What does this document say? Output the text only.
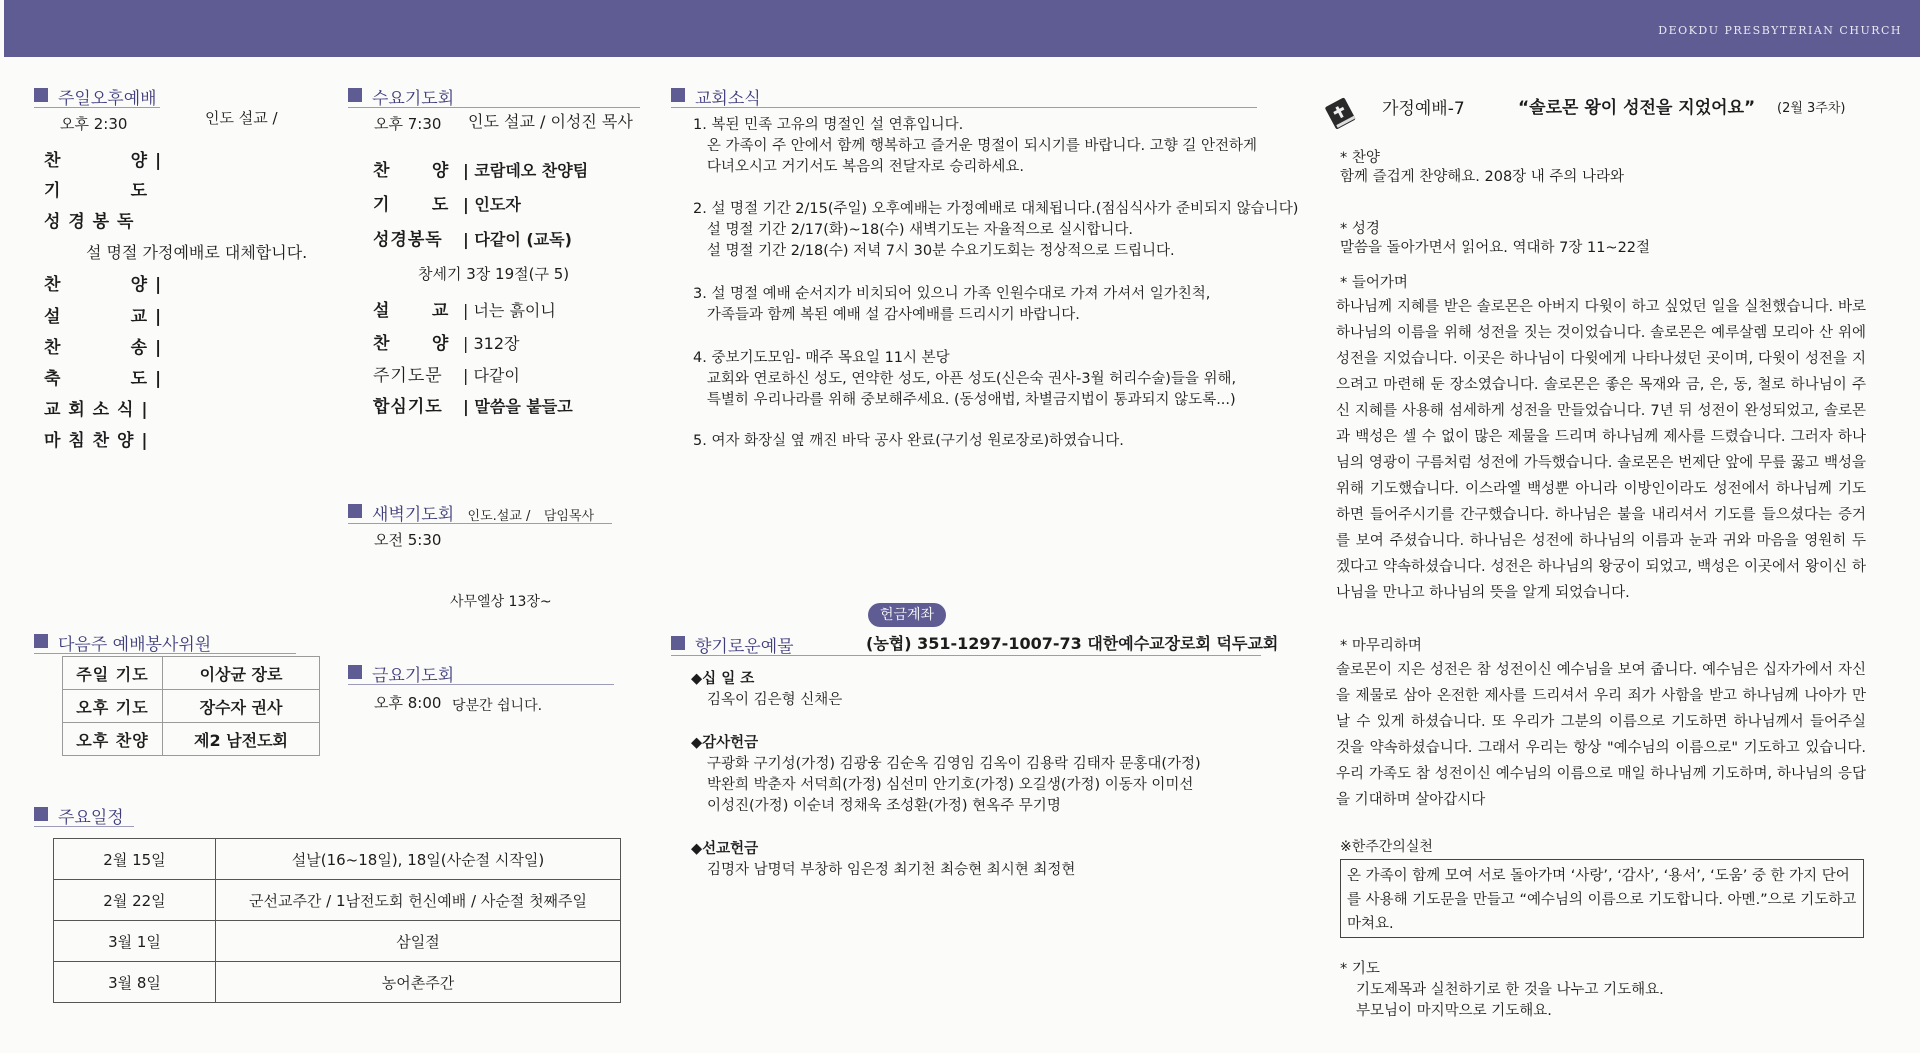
DEOKDU PRESBYTERIAN CHURCH
주일오후예배
오후 2:30	인도 설교 /
찬          양 |
기          도
성 경 봉 독
찬          양 |
설          교 |
찬          송 |
축          도 |
교 회 소 식 |
마 침 찬 양 |
설 명절 가정예배로 대체합니다.
수요기도회
오후 7:30 인도 설교 / 이성진 목사
찬      양 | 코람데오 찬양팀
기      도 | 인도자
성경봉독 | 다같이 (교독)
설      교 | 너는 흙이니
찬      양 | 312장
주기도문 | 다같이
합심기도 | 말씀을 붙들고
창세기 3장 19절(구 5)
새벽기도회 인도.설교 / 담임목사
오전 5:30
사무엘상 13장~
다음주 예배봉사위원
주일 기도	이상균 장로
오후 기도	장수자 권사
오후 찬양	제2 남전도회
금요기도회
오후 8:00 당분간 쉽니다.
주요일정
2월 15일	설날(16~18일), 18일(사순절 시작일)
2월 22일	군선교주간 / 1남전도회 헌신예배 / 사순절 첫째주일
3월 1일	삼일절
3월 8일	농어촌주간
교회소식
1. 복된 민족 고유의 명절인 설 연휴입니다.
온 가족이 주 안에서 함께 행복하고 즐거운 명절이 되시기를 바랍니다. 고향 길 안전하게
다녀오시고 거기서도 복음의 전달자로 승리하세요.
2. 설 명절 기간 2/15(주일) 오후예배는 가정예배로 대체됩니다.(점심식사가 준비되지 않습니다)
설 명절 기간 2/17(화)~18(수) 새벽기도는 자율적으로 실시합니다.
설 명절 기간 2/18(수) 저녁 7시 30분 수요기도회는 정상적으로 드립니다.
3. 설 명절 예배 순서지가 비치되어 있으니 가족 인원수대로 가져 가셔서 일가친척,
가족들과 함께 복된 예배 설 감사예배를 드리시기 바랍니다.
4. 중보기도모임- 매주 목요일 11시 본당
교회와 연로하신 성도, 연약한 성도, 아픈 성도(신은숙 권사-3월 허리수술)들을 위해,
특별히 우리나라를 위해 중보해주세요. (동성애법, 차별금지법이 통과되지 않도록...)
5. 여자 화장실 옆 깨진 바닥 공사 완료(구기성 원로장로)하였습니다.
헌금계좌
향기로운예물	(농협) 351-1297-1007-73 대한예수교장로회 덕두교회
◆십 일 조
김옥이 김은형 신채은
◆감사헌금
구광화 구기성(가정) 김광웅 김순옥 김영임 김옥이 김용락 김태자 문홍대(가정)
박완희 박춘자 서덕희(가정) 심선미 안기호(가정) 오길생(가정) 이동자 이미선
이성진(가정) 이순녀 정채욱 조성환(가정) 현옥주 무기명
◆선교헌금
김명자 남명덕 부창하 임은정 최기천 최승현 최시현 최정현
가정예배-7	“솔로몬 왕이 성전을 지었어요” (2월 3주차)
* 찬양
함께 즐겁게 찬양해요. 208장 내 주의 나라와
* 성경
말씀을 돌아가면서 읽어요. 역대하 7장 11~22절
* 들어가며
하나님께 지혜를 받은 솔로몬은 아버지 다윗이 하고 싶었던 일을 실천했습니다. 바로 하나님의 이름을 위해 성전을 짓는 것이었습니다. 솔로몬은 예루살렘 모리아 산 위에 성전을 지었습니다. 이곳은 하나님이 다윗에게 나타나셨던 곳이며, 다윗이 성전을 지으려고 마련해 둔 장소였습니다. 솔로몬은 좋은 목재와 금, 은, 동, 철로 하나님이 주신 지혜를 사용해 섬세하게 성전을 만들었습니다. 7년 뒤 성전이 완성되었고, 솔로몬과 백성은 셀 수 없이 많은 제물을 드리며 하나님께 제사를 드렸습니다. 그러자 하나님의 영광이 구름처럼 성전에 가득했습니다. 솔로몬은 번제단 앞에 무릎 꿇고 백성을 위해 기도했습니다. 이스라엘 백성뿐 아니라 이방인이라도 성전에서 하나님께 기도하면 들어주시기를 간구했습니다. 하나님은 불을 내리셔서 기도를 들으셨다는 증거를 보여 주셨습니다. 하나님은 성전에 하나님의 이름과 눈과 귀와 마음을 영원히 두겠다고 약속하셨습니다. 성전은 하나님의 왕궁이 되었고, 백성은 이곳에서 왕이신 하나님을 만나고 하나님의 뜻을 알게 되었습니다.
* 마무리하며
솔로몬이 지은 성전은 참 성전이신 예수님을 보여 줍니다. 예수님은 십자가에서 자신을 제물로 삼아 온전한 제사를 드리셔서 우리 죄가 사함을 받고 하나님께 나아가 만날 수 있게 하셨습니다. 또 우리가 그분의 이름으로 기도하면 하나님께서 들어주실 것을 약속하셨습니다. 그래서 우리는 항상 "예수님의 이름으로" 기도하고 있습니다. 우리 가족도 참 성전이신 예수님의 이름으로 매일 하나님께 기도하며, 하나님의 응답을 기대하며 살아갑시다
※한주간의실천
온 가족이 함께 모여 서로 돌아가며 ‘사랑’, ‘감사’, ‘용서’, ‘도움’ 중 한 가지 단어를 사용해 기도문을 만들고 “예수님의 이름으로 기도합니다. 아멘.”으로 기도하고 마쳐요.
* 기도
기도제목과 실천하기로 한 것을 나누고 기도해요.
부모님이 마지막으로 기도해요.
